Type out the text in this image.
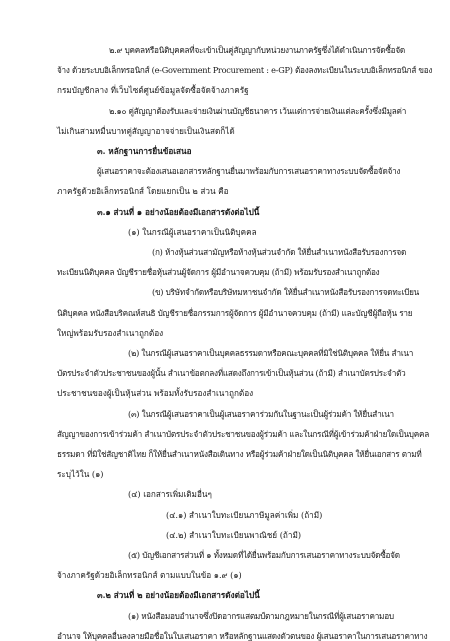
๒.๙ บุคคลหรือนิติบุคคลที่จะเข้าเป็นคู่สัญญากับหน่วยงานภาครัฐซึ่งได้ดำเนินการจัดซื้อจัด
จ้าง ด้วยระบบอิเล็กทรอนิกส์ (e-Government Procurement : e-GP) ต้องลงทะเบียนในระบบอิเล็กทรอนิกส์ ของ
กรมบัญชีกลาง ที่เว็บไซต์ศูนย์ข้อมูลจัดซื้อจัดจ้างภาครัฐ
๒.๑๐ คู่สัญญาต้องรับและจ่ายเงินผ่านบัญชีธนาคาร เว้นแต่การจ่ายเงินแต่ละครั้งซึ่งมีมูลค่า
ไม่เกินสามหมื่นบาทคู่สัญญาอาจจ่ายเป็นเงินสดก็ได้
๓. หลักฐานการยื่นข้อเสนอ
ผู้เสนอราคาจะต้องเสนอเอกสารหลักฐานยื่นมาพร้อมกับการเสนอราคาทางระบบจัดซื้อจัดจ้าง
ภาครัฐด้วยอิเล็กทรอนิกส์ โดยแยกเป็น ๒ ส่วน คือ
๓.๑ ส่วนที่ ๑ อย่างน้อยต้องมีเอกสารดังต่อไปนี้
(๑) ในกรณีผู้เสนอราคาเป็นนิติบุคคล
(ก) ห้างหุ้นส่วนสามัญหรือห้างหุ้นส่วนจำกัด ให้ยื่นสำเนาหนังสือรับรองการจด
ทะเบียนนิติบุคคล บัญชีรายชื่อหุ้นส่วนผู้จัดการ ผู้มีอำนาจควบคุม (ถ้ามี) พร้อมรับรองสำเนาถูกต้อง
(ข) บริษัทจำกัดหรือบริษัทมหาชนจำกัด ให้ยื่นสำเนาหนังสือรับรองการจดทะเบียน
นิติบุคคล หนังสือบริคณห์สนธิ บัญชีรายชื่อกรรมการผู้จัดการ ผู้มีอำนาจควบคุม (ถ้ามี) และบัญชีผู้ถือหุ้น ราย
ใหญ่พร้อมรับรองสำเนาถูกต้อง
(๒) ในกรณีผู้เสนอราคาเป็นบุคคลธรรมดาหรือคณะบุคคลที่มิใช่นิติบุคคล ให้ยื่น สำเนา
บัตรประจำตัวประชาชนของผู้นั้น สำเนาข้อตกลงที่แสดงถึงการเข้าเป็นหุ้นส่วน (ถ้ามี) สำเนาบัตรประจำตัว
ประชาชนของผู้เป็นหุ้นส่วน พร้อมทั้งรับรองสำเนาถูกต้อง
(๓) ในกรณีผู้เสนอราคาเป็นผู้เสนอราคาร่วมกันในฐานะเป็นผู้ร่วมค้า ให้ยื่นสำเนา
สัญญาของการเข้าร่วมค้า สำเนาบัตรประจำตัวประชาชนของผู้ร่วมค้า และในกรณีที่ผู้เข้าร่วมค้าฝ่ายใดเป็นบุคคล
ธรรมดา ที่มิใช่สัญชาติไทย ก็ให้ยื่นสำเนาหนังสือเดินทาง หรือผู้ร่วมค้าฝ่ายใดเป็นนิติบุคคล ให้ยื่นเอกสาร ตามที่
ระบุไว้ใน (๑)
(๔) เอกสารเพิ่มเติมอื่นๆ
(๔.๑) สำเนาใบทะเบียนภาษีมูลค่าเพิ่ม (ถ้ามี)
(๔.๒) สำเนาใบทะเบียนพาณิชย์ (ถ้ามี)
(๕) บัญชีเอกสารส่วนที่ ๑ ทั้งหมดที่ได้ยื่นพร้อมกับการเสนอราคาทางระบบจัดซื้อจัด
จ้างภาครัฐด้วยอิเล็กทรอนิกส์ ตามแบบในข้อ ๑.๙ (๑)
๓.๒ ส่วนที่ ๒ อย่างน้อยต้องมีเอกสารดังต่อไปนี้
(๑) หนังสือมอบอำนาจซึ่งปิดอากรแสตมป์ตามกฎหมายในกรณีที่ผู้เสนอราคามอบ
อำนาจ ให้บุคคลอื่นลงลายมือชื่อในใบเสนอราคา หรือหลักฐานแสดงตัวตนของ ผู้เสนอราคาในการเสนอราคาทาง
